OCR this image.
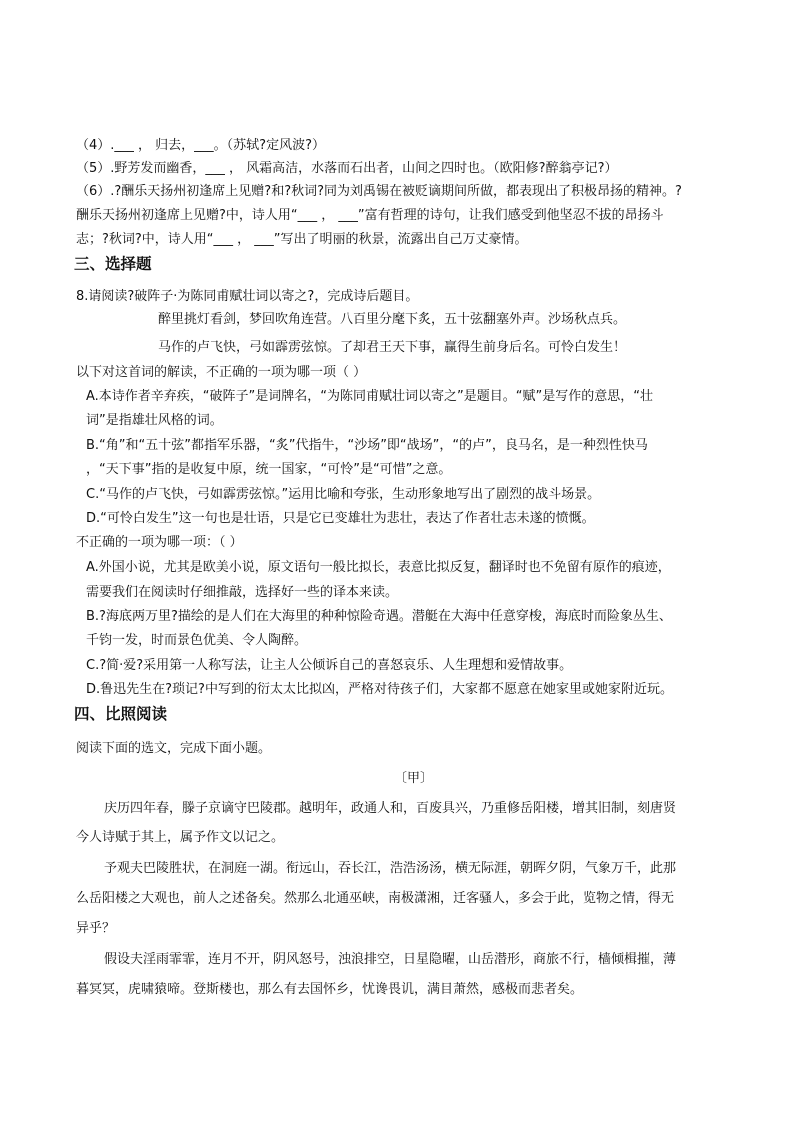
（4）.___ ， 归去，___。（苏轼?定风波?）
（5）.野芳发而幽香，___ ， 风霜高洁，水落而石出者，山间之四时也。（欧阳修?醉翁亭记?）
（6）.?酬乐天扬州初逢席上见赠?和?秋词?同为刘禹锡在被贬谪期间所做，都表现出了积极昂扬的精神。?
酬乐天扬州初逢席上见赠?中，诗人用“___ ， ___”富有哲理的诗句，让我们感受到他坚忍不拔的昂扬斗
志；?秋词?中，诗人用“___ ， ___”写出了明丽的秋景，流露出自己万丈豪情。
三、选择题
8.请阅读?破阵子·为陈同甫赋壮词以寄之?，完成诗后题目。
醉里挑灯看剑，梦回吹角连营。八百里分麾下炙，五十弦翻塞外声。沙场秋点兵。
马作的卢飞快，弓如霹雳弦惊。了却君王天下事，赢得生前身后名。可怜白发生！
以下对这首词的解读，不正确的一项为哪一项（ ）
A.本诗作者辛弃疾，“破阵子”是词牌名，“为陈同甫赋壮词以寄之”是题目。“赋”是写作的意思，“壮
词”是指雄壮风格的词。
B.“角”和“五十弦”都指军乐器，“炙”代指牛，“沙场”即“战场”，“的卢”，良马名，是一种烈性快马
，“天下事”指的是收复中原，统一国家，“可怜”是“可惜”之意。
C.“马作的卢飞快，弓如霹雳弦惊。”运用比喻和夸张，生动形象地写出了剧烈的战斗场景。
D.“可怜白发生”这一句也是壮语，只是它已变雄壮为悲壮，表达了作者壮志未遂的愤慨。
不正确的一项为哪一项：（ ）
A.外国小说，尤其是欧美小说，原文语句一般比拟长，表意比拟反复，翻译时也不免留有原作的痕迹，
需要我们在阅读时仔细推敲，选择好一些的译本来读。
B.?海底两万里?描绘的是人们在大海里的种种惊险奇遇。潜艇在大海中任意穿梭，海底时而险象丛生、
千钧一发，时而景色优美、令人陶醉。
C.?简·爱?采用第一人称写法，让主人公倾诉自己的喜怒哀乐、人生理想和爱情故事。
D.鲁迅先生在?琐记?中写到的衍太太比拟凶，严格对待孩子们，大家都不愿意在她家里或她家附近玩。
四、比照阅读
阅读下面的选文，完成下面小题。
〔甲〕
庆历四年春，滕子京谪守巴陵郡。越明年，政通人和，百废具兴，乃重修岳阳楼，增其旧制，刻唐贤
今人诗赋于其上，属予作文以记之。
予观夫巴陵胜状，在洞庭一湖。衔远山，吞长江，浩浩汤汤，横无际涯，朝晖夕阴，气象万千，此那
么岳阳楼之大观也，前人之述备矣。然那么北通巫峡，南极潇湘，迁客骚人，多会于此，览物之情，得无
异乎？
假设夫淫雨霏霏，连月不开，阴风怒号，浊浪排空，日星隐曜，山岳潜形，商旅不行，樯倾楫摧，薄
暮冥冥，虎啸猿啼。登斯楼也，那么有去国怀乡，忧谗畏讥，满目萧然，感极而悲者矣。
